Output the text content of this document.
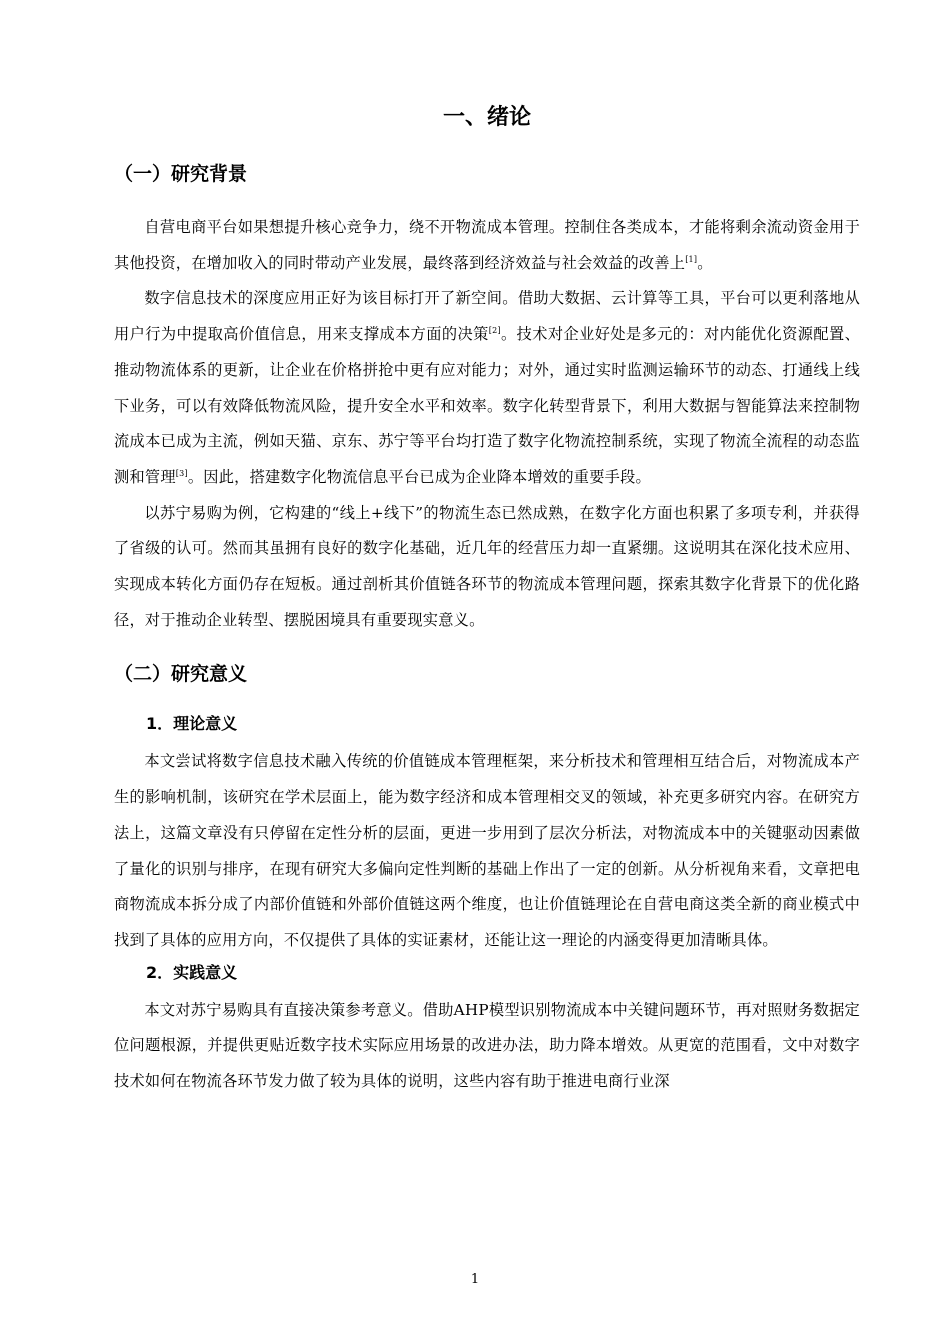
一、绪论
（一）研究背景

自营电商平台如果想提升核心竞争力，绕不开物流成本管理。控制住各类成本，才能将剩余流动资金用于其他投资，在增加收入的同时带动产业发展，最终落到经济效益与社会效益的改善上[1]。

数字信息技术的深度应用正好为该目标打开了新空间。借助大数据、云计算等工具，平台可以更利落地从用户行为中提取高价值信息，用来支撑成本方面的决策[2]。技术对企业好处是多元的：对内能优化资源配置、推动物流体系的更新，让企业在价格拼抢中更有应对能力；对外，通过实时监测运输环节的动态、打通线上线下业务，可以有效降低物流风险，提升安全水平和效率。数字化转型背景下，利用大数据与智能算法来控制物流成本已成为主流，例如天猫、京东、苏宁等平台均打造了数字化物流控制系统，实现了物流全流程的动态监测和管理[3]。因此，搭建数字化物流信息平台已成为企业降本增效的重要手段。

以苏宁易购为例，它构建的“线上+线下”的物流生态已然成熟，在数字化方面也积累了多项专利，并获得了省级的认可。然而其虽拥有良好的数字化基础，近几年的经营压力却一直紧绷。这说明其在深化技术应用、实现成本转化方面仍存在短板。通过剖析其价值链各环节的物流成本管理问题，探索其数字化背景下的优化路径，对于推动企业转型、摆脱困境具有重要现实意义。

（二）研究意义
1．理论意义

本文尝试将数字信息技术融入传统的价值链成本管理框架，来分析技术和管理相互结合后，对物流成本产生的影响机制，该研究在学术层面上，能为数字经济和成本管理相交叉的领域，补充更多研究内容。在研究方法上，这篇文章没有只停留在定性分析的层面，更进一步用到了层次分析法，对物流成本中的关键驱动因素做了量化的识别与排序，在现有研究大多偏向定性判断的基础上作出了一定的创新。从分析视角来看，文章把电商物流成本拆分成了内部价值链和外部价值链这两个维度，也让价值链理论在自营电商这类全新的商业模式中找到了具体的应用方向，不仅提供了具体的实证素材，还能让这一理论的内涵变得更加清晰具体。

2．实践意义

本文对苏宁易购具有直接决策参考意义。借助AHP模型识别物流成本中关键问题环节，再对照财务数据定位问题根源，并提供更贴近数字技术实际应用场景的改进办法，助力降本增效。从更宽的范围看，文中对数字技术如何在物流各环节发力做了较为具体的说明，这些内容有助于推进电商行业深

1
